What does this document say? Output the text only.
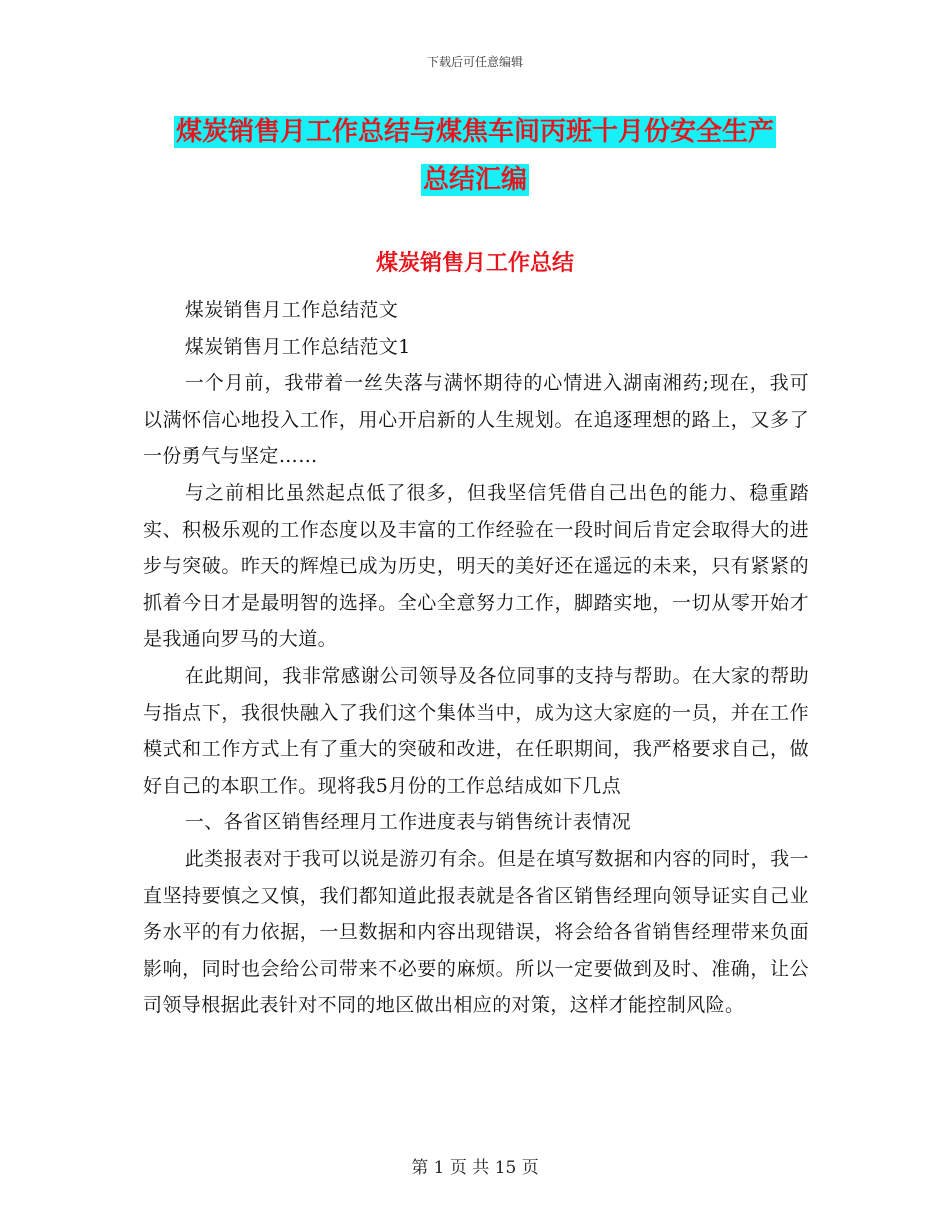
下载后可任意编辑
煤炭销售月工作总结与煤焦车间丙班十月份安全生产
总结汇编
煤炭销售月工作总结

煤炭销售月工作总结范文

煤炭销售月工作总结范文1

一个月前，我带着一丝失落与满怀期待的心情进入湖南湘药;现在，我可以满怀信心地投入工作，用心开启新的人生规划。在追逐理想的路上，又多了一份勇气与坚定……

与之前相比虽然起点低了很多，但我坚信凭借自己出色的能力、稳重踏实、积极乐观的工作态度以及丰富的工作经验在一段时间后肯定会取得大的进步与突破。昨天的辉煌已成为历史，明天的美好还在遥远的未来，只有紧紧的抓着今日才是最明智的选择。全心全意努力工作，脚踏实地，一切从零开始才是我通向罗马的大道。

在此期间，我非常感谢公司领导及各位同事的支持与帮助。在大家的帮助与指点下，我很快融入了我们这个集体当中，成为这大家庭的一员，并在工作模式和工作方式上有了重大的突破和改进，在任职期间，我严格要求自己，做好自己的本职工作。现将我5月份的工作总结成如下几点

一、各省区销售经理月工作进度表与销售统计表情况

此类报表对于我可以说是游刃有余。但是在填写数据和内容的同时，我一直坚持要慎之又慎，我们都知道此报表就是各省区销售经理向领导证实自己业务水平的有力依据，一旦数据和内容出现错误，将会给各省销售经理带来负面影响，同时也会给公司带来不必要的麻烦。所以一定要做到及时、准确，让公司领导根据此表针对不同的地区做出相应的对策，这样才能控制风险。

第 1 页 共 15 页
